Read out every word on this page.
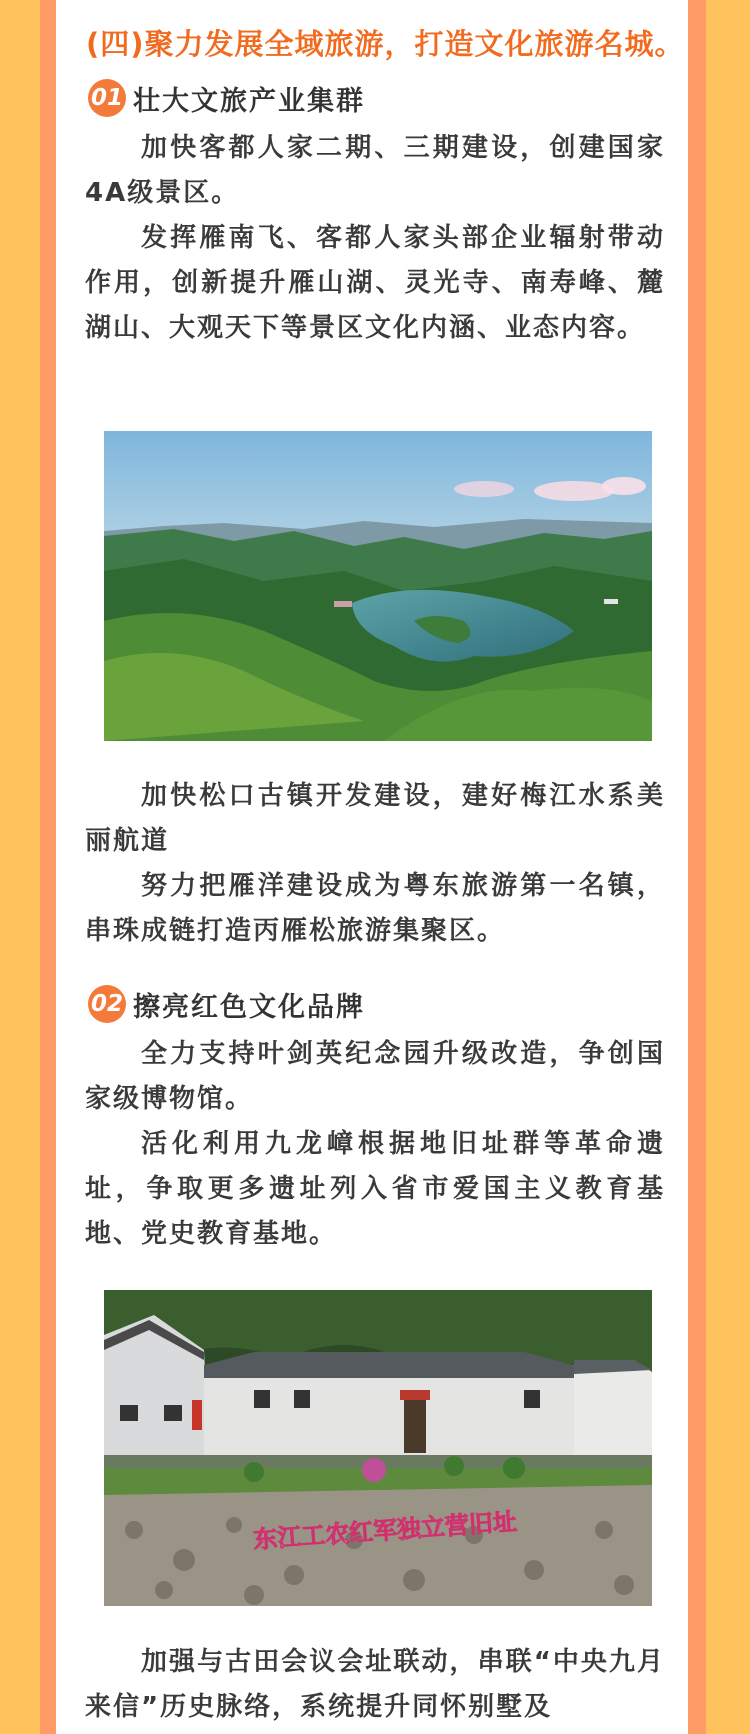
(四)聚力发展全域旅游，打造文化旅游名城。
01 壮大文旅产业集群

加快客都人家二期、三期建设，创建国家4A级景区。

发挥雁南飞、客都人家头部企业辐射带动作用，创新提升雁山湖、灵光寺、南寿峰、麓湖山、大观天下等景区文化内涵、业态内容。

加快松口古镇开发建设，建好梅江水系美丽航道

努力把雁洋建设成为粤东旅游第一名镇，串珠成链打造丙雁松旅游集聚区。

02 擦亮红色文化品牌

全力支持叶剑英纪念园升级改造，争创国家级博物馆。

活化利用九龙嶂根据地旧址群等革命遗址，争取更多遗址列入省市爱国主义教育基地、党史教育基地。

东江工农红军独立营旧址

加强与古田会议会址联动，串联“中央九月来信”历史脉络，系统提升同怀别墅及
